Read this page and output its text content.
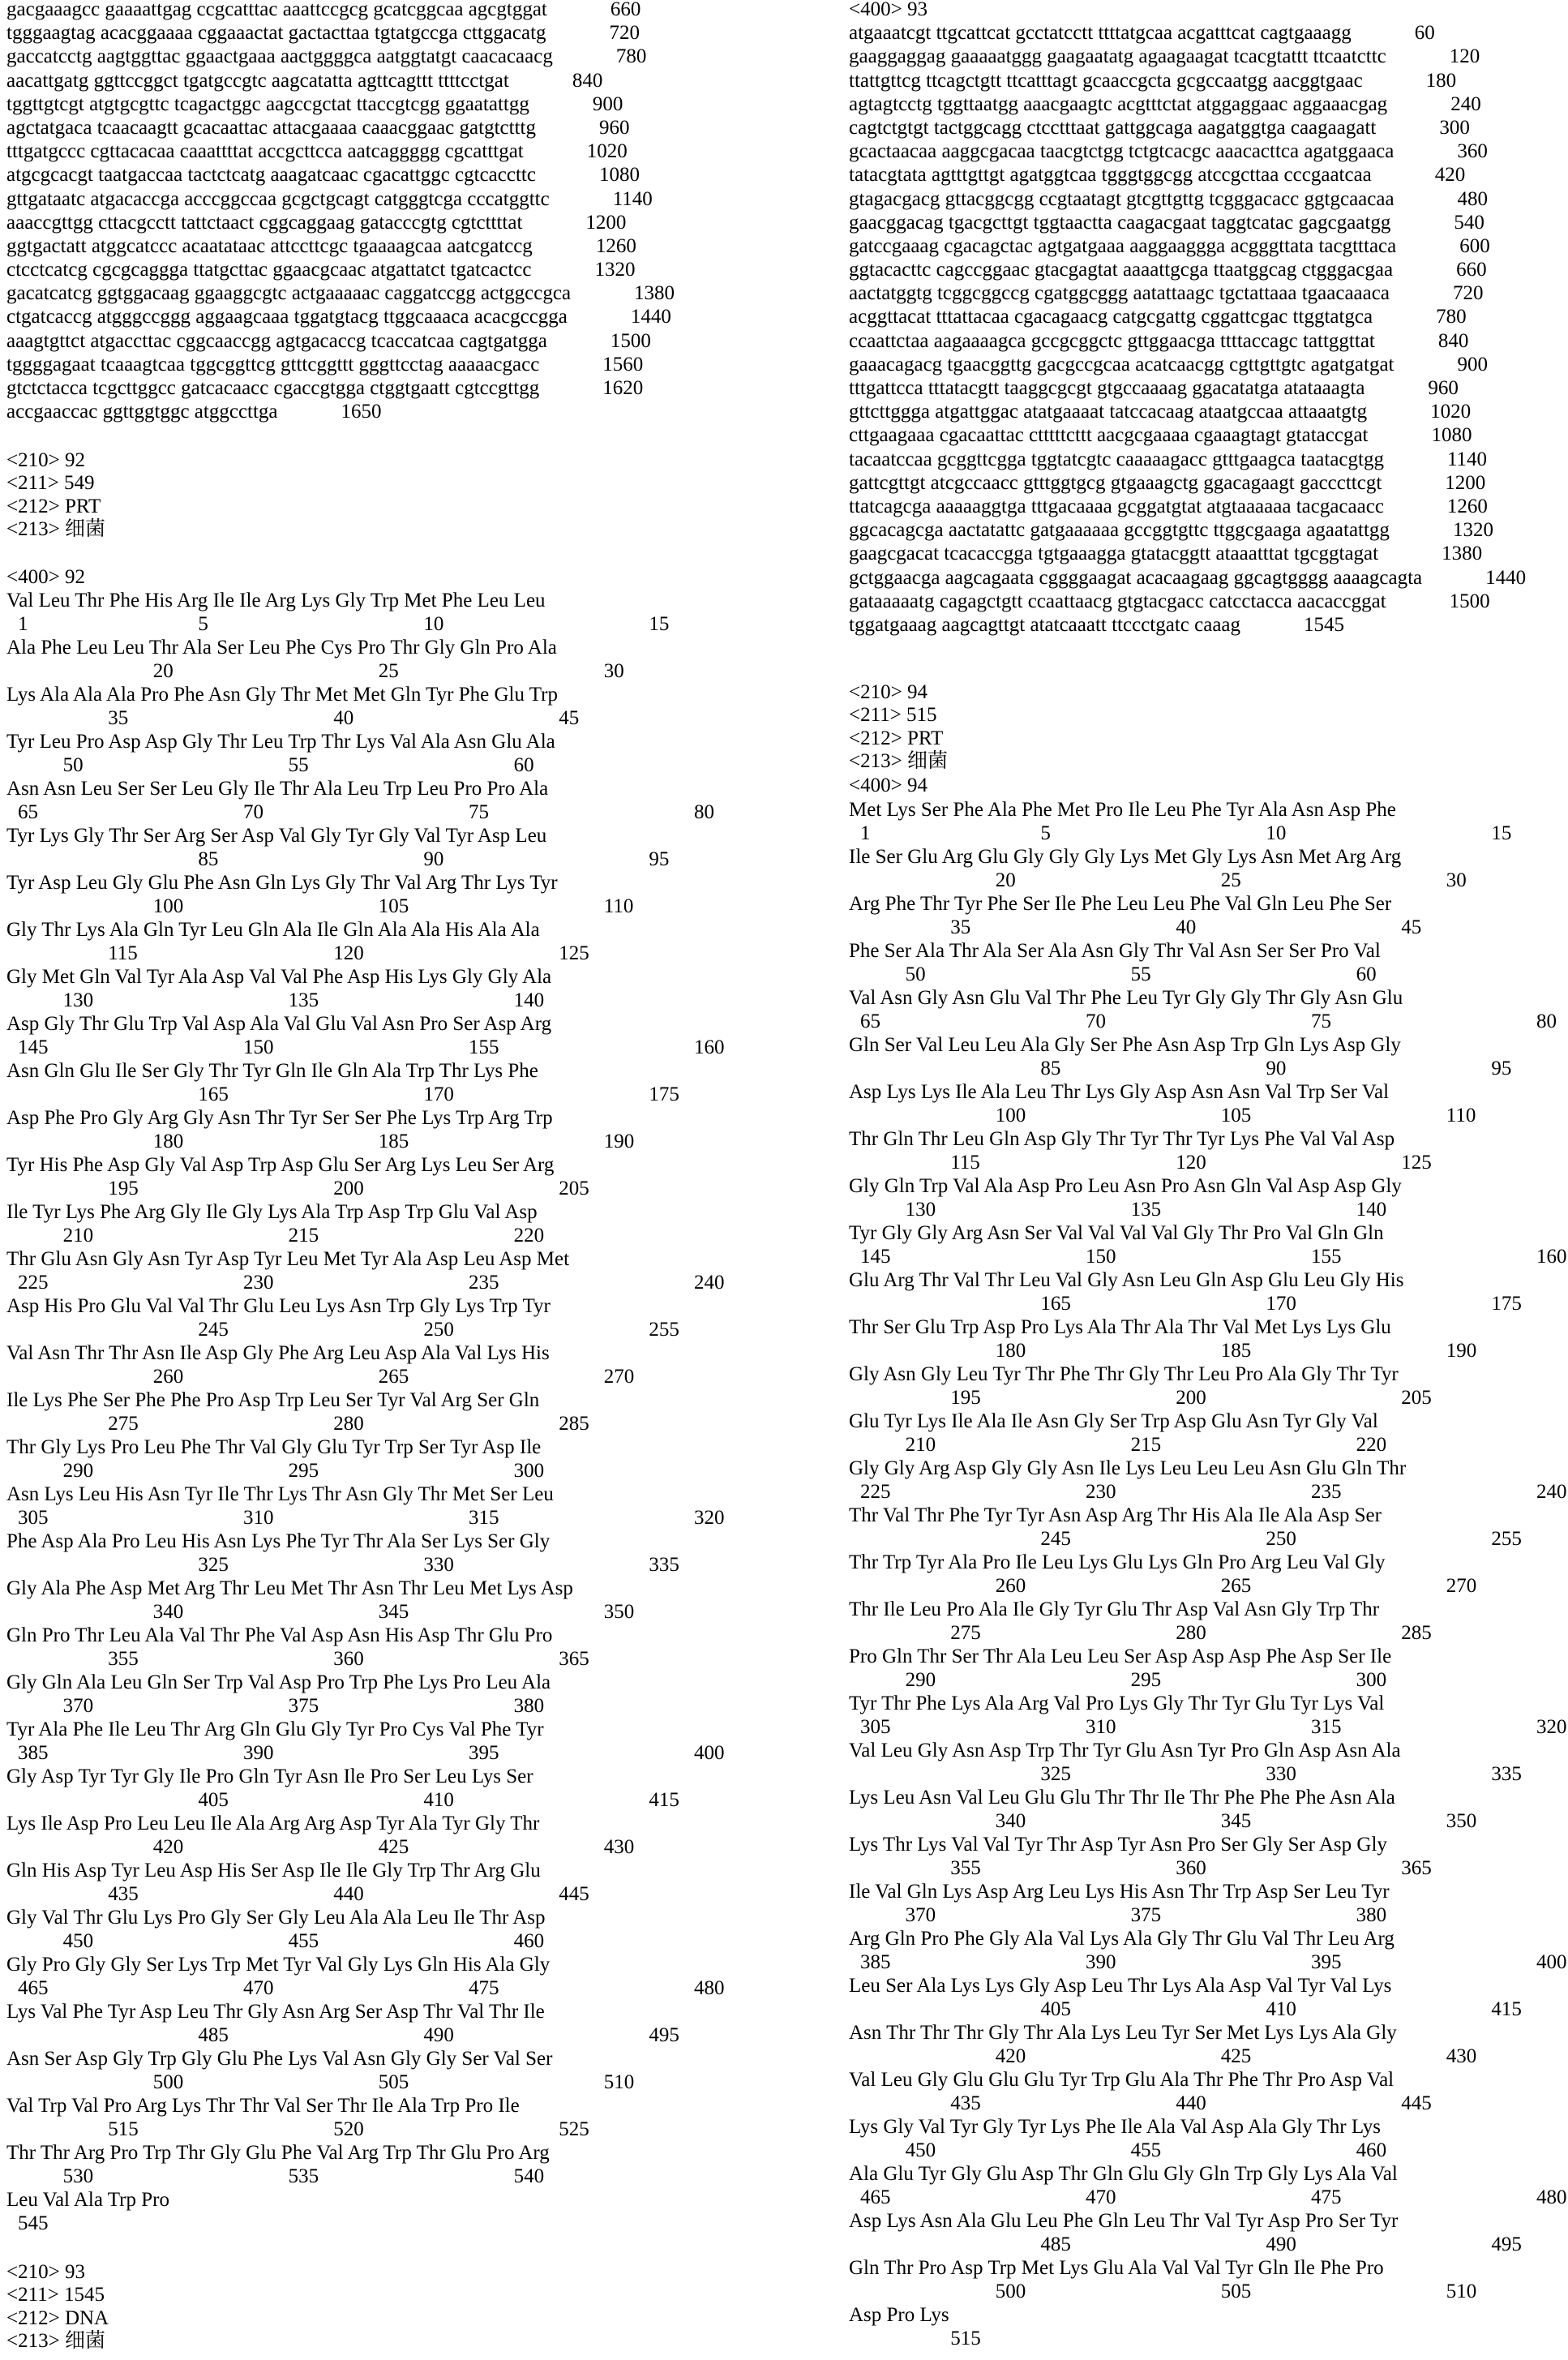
gacgaaagcc gaaaattgag ccgcatttac aaattccgcg gcatcggcaa agcgtggat	660
tgggaagtag acacggaaaa cggaaactat gactacttaa tgtatgccga cttggacatg	720
gaccatcctg aagtggttac ggaactgaaa aactggggca aatggtatgt caacacaacg	780
aacattgatg ggttccggct tgatgccgtc aagcatatta agttcagttt ttttcctgat	840
tggttgtcgt atgtgcgttc tcagactggc aagccgctat ttaccgtcgg ggaatattgg	900
agctatgaca tcaacaagtt gcacaattac attacgaaaa caaacggaac gatgtctttg	960
tttgatgccc cgttacacaa caaattttat accgcttcca aatcaggggg cgcatttgat	1020
atgcgcacgt taatgaccaa tactctcatg aaagatcaac cgacattggc cgtcaccttc	1080
gttgataatc atgacaccga acccggccaa gcgctgcagt catgggtcga cccatggttc	1140
aaaccgttgg cttacgcctt tattctaact cggcaggaag gatacccgtg cgtcttttat	1200
ggtgactatt atggcatccc acaatataac attccttcgc tgaaaagcaa aatcgatccg	1260
ctcctcatcg cgcgcaggga ttatgcttac ggaacgcaac atgattatct tgatcactcc	1320
gacatcatcg ggtggacaag ggaaggcgtc actgaaaaac caggatccgg actggccgca	1380
ctgatcaccg atgggccggg aggaagcaaa tggatgtacg ttggcaaaca acacgccgga	1440
aaagtgttct atgaccttac cggcaaccgg agtgacaccg tcaccatcaa cagtgatgga	1500
tggggagaat tcaaagtcaa tggcggttcg gtttcggttt gggttcctag aaaaacgacc	1560
gtctctacca tcgcttggcc gatcacaacc cgaccgtgga ctggtgaatt cgtccgttgg	1620
accgaaccac ggttggtggc atggccttga	1650
<210> 92
<211> 549
<212> PRT
<213> 细菌
<400> 92
Val Leu Thr Phe His Arg Ile Ile Arg Lys Gly Trp Met Phe Leu Leu
1	5	10	15
Ala Phe Leu Leu Thr Ala Ser Leu Phe Cys Pro Thr Gly Gln Pro Ala
20	25	30
Lys Ala Ala Ala Pro Phe Asn Gly Thr Met Met Gln Tyr Phe Glu Trp
35	40	45
Tyr Leu Pro Asp Asp Gly Thr Leu Trp Thr Lys Val Ala Asn Glu Ala
50	55	60
Asn Asn Leu Ser Ser Leu Gly Ile Thr Ala Leu Trp Leu Pro Pro Ala
65	70	75	80
Tyr Lys Gly Thr Ser Arg Ser Asp Val Gly Tyr Gly Val Tyr Asp Leu
85	90	95
Tyr Asp Leu Gly Glu Phe Asn Gln Lys Gly Thr Val Arg Thr Lys Tyr
100	105	110
Gly Thr Lys Ala Gln Tyr Leu Gln Ala Ile Gln Ala Ala His Ala Ala
115	120	125
Gly Met Gln Val Tyr Ala Asp Val Val Phe Asp His Lys Gly Gly Ala
130	135	140
Asp Gly Thr Glu Trp Val Asp Ala Val Glu Val Asn Pro Ser Asp Arg
145	150	155	160
Asn Gln Glu Ile Ser Gly Thr Tyr Gln Ile Gln Ala Trp Thr Lys Phe
165	170	175
Asp Phe Pro Gly Arg Gly Asn Thr Tyr Ser Ser Phe Lys Trp Arg Trp
180	185	190
Tyr His Phe Asp Gly Val Asp Trp Asp Glu Ser Arg Lys Leu Ser Arg
195	200	205
Ile Tyr Lys Phe Arg Gly Ile Gly Lys Ala Trp Asp Trp Glu Val Asp
210	215	220
Thr Glu Asn Gly Asn Tyr Asp Tyr Leu Met Tyr Ala Asp Leu Asp Met
225	230	235	240
Asp His Pro Glu Val Val Thr Glu Leu Lys Asn Trp Gly Lys Trp Tyr
245	250	255
Val Asn Thr Thr Asn Ile Asp Gly Phe Arg Leu Asp Ala Val Lys His
260	265	270
Ile Lys Phe Ser Phe Phe Pro Asp Trp Leu Ser Tyr Val Arg Ser Gln
275	280	285
Thr Gly Lys Pro Leu Phe Thr Val Gly Glu Tyr Trp Ser Tyr Asp Ile
290	295	300
Asn Lys Leu His Asn Tyr Ile Thr Lys Thr Asn Gly Thr Met Ser Leu
305	310	315	320
Phe Asp Ala Pro Leu His Asn Lys Phe Tyr Thr Ala Ser Lys Ser Gly
325	330	335
Gly Ala Phe Asp Met Arg Thr Leu Met Thr Asn Thr Leu Met Lys Asp
340	345	350
Gln Pro Thr Leu Ala Val Thr Phe Val Asp Asn His Asp Thr Glu Pro
355	360	365
Gly Gln Ala Leu Gln Ser Trp Val Asp Pro Trp Phe Lys Pro Leu Ala
370	375	380
Tyr Ala Phe Ile Leu Thr Arg Gln Glu Gly Tyr Pro Cys Val Phe Tyr
385	390	395	400
Gly Asp Tyr Tyr Gly Ile Pro Gln Tyr Asn Ile Pro Ser Leu Lys Ser
405	410	415
Lys Ile Asp Pro Leu Leu Ile Ala Arg Arg Asp Tyr Ala Tyr Gly Thr
420	425	430
Gln His Asp Tyr Leu Asp His Ser Asp Ile Ile Gly Trp Thr Arg Glu
435	440	445
Gly Val Thr Glu Lys Pro Gly Ser Gly Leu Ala Ala Leu Ile Thr Asp
450	455	460
Gly Pro Gly Gly Ser Lys Trp Met Tyr Val Gly Lys Gln His Ala Gly
465	470	475	480
Lys Val Phe Tyr Asp Leu Thr Gly Asn Arg Ser Asp Thr Val Thr Ile
485	490	495
Asn Ser Asp Gly Trp Gly Glu Phe Lys Val Asn Gly Gly Ser Val Ser
500	505	510
Val Trp Val Pro Arg Lys Thr Thr Val Ser Thr Ile Ala Trp Pro Ile
515	520	525
Thr Thr Arg Pro Trp Thr Gly Glu Phe Val Arg Trp Thr Glu Pro Arg
530	535	540
Leu Val Ala Trp Pro
545
<210> 93
<211> 1545
<212> DNA
<213> 细菌
<400> 93
atgaaatcgt ttgcattcat gcctatcctt ttttatgcaa acgatttcat cagtgaaagg	60
gaaggaggag gaaaaatggg gaagaatatg agaagaagat tcacgtattt ttcaatcttc	120
ttattgttcg ttcagctgtt ttcatttagt gcaaccgcta gcgccaatgg aacggtgaac	180
agtagtcctg tggttaatgg aaacgaagtc acgtttctat atggaggaac aggaaacgag	240
cagtctgtgt tactggcagg ctcctttaat gattggcaga aagatggtga caagaagatt	300
gcactaacaa aaggcgacaa taacgtctgg tctgtcacgc aaacacttca agatggaaca	360
tatacgtata agtttgttgt agatggtcaa tgggtggcgg atccgcttaa cccgaatcaa	420
gtagacgacg gttacggcgg ccgtaatagt gtcgttgttg tcgggacacc ggtgcaacaa	480
gaacggacag tgacgcttgt tggtaactta caagacgaat taggtcatac gagcgaatgg	540
gatccgaaag cgacagctac agtgatgaaa aaggaaggga acgggttata tacgtttaca	600
ggtacacttc cagccggaac gtacgagtat aaaattgcga ttaatggcag ctgggacgaa	660
aactatggtg tcggcggccg cgatggcggg aatattaagc tgctattaaa tgaacaaaca	720
acggttacat tttattacaa cgacagaacg catgcgattg cggattcgac ttggtatgca	780
ccaattctaa aagaaaagca gccgcggctc gttggaacga ttttaccagc tattggttat	840
gaaacagacg tgaacggttg gacgccgcaa acatcaacgg cgttgttgtc agatgatgat	900
tttgattcca tttatacgtt taaggcgcgt gtgccaaaag ggacatatga atataaagta	960
gttcttggga atgattggac atatgaaaat tatccacaag ataatgccaa attaaatgtg	1020
cttgaagaaa cgacaattac ctttttcttt aacgcgaaaa cgaaagtagt gtataccgat	1080
tacaatccaa gcggttcgga tggtatcgtc caaaaagacc gtttgaagca taatacgtgg	1140
gattcgttgt atcgccaacc gtttggtgcg gtgaaagctg ggacagaagt gacccttcgt	1200
ttatcagcga aaaaaggtga tttgacaaaa gcggatgtat atgtaaaaaa tacgacaacc	1260
ggcacagcga aactatattc gatgaaaaaa gccggtgttc ttggcgaaga agaatattgg	1320
gaagcgacat tcacaccgga tgtgaaagga gtatacggtt ataaatttat tgcggtagat	1380
gctggaacga aagcagaata cggggaagat acacaagaag ggcagtgggg aaaagcagta	1440
gataaaaatg cagagctgtt ccaattaacg gtgtacgacc catcctacca aacaccggat	1500
tggatgaaag aagcagttgt atatcaaatt ttccctgatc caaag	1545
<210> 94
<211> 515
<212> PRT
<213> 细菌
<400> 94
Met Lys Ser Phe Ala Phe Met Pro Ile Leu Phe Tyr Ala Asn Asp Phe
1	5	10	15
Ile Ser Glu Arg Glu Gly Gly Gly Lys Met Gly Lys Asn Met Arg Arg
20	25	30
Arg Phe Thr Tyr Phe Ser Ile Phe Leu Leu Phe Val Gln Leu Phe Ser
35	40	45
Phe Ser Ala Thr Ala Ser Ala Asn Gly Thr Val Asn Ser Ser Pro Val
50	55	60
Val Asn Gly Asn Glu Val Thr Phe Leu Tyr Gly Gly Thr Gly Asn Glu
65	70	75	80
Gln Ser Val Leu Leu Ala Gly Ser Phe Asn Asp Trp Gln Lys Asp Gly
85	90	95
Asp Lys Lys Ile Ala Leu Thr Lys Gly Asp Asn Asn Val Trp Ser Val
100	105	110
Thr Gln Thr Leu Gln Asp Gly Thr Tyr Thr Tyr Lys Phe Val Val Asp
115	120	125
Gly Gln Trp Val Ala Asp Pro Leu Asn Pro Asn Gln Val Asp Asp Gly
130	135	140
Tyr Gly Gly Arg Asn Ser Val Val Val Val Gly Thr Pro Val Gln Gln
145	150	155	160
Glu Arg Thr Val Thr Leu Val Gly Asn Leu Gln Asp Glu Leu Gly His
165	170	175
Thr Ser Glu Trp Asp Pro Lys Ala Thr Ala Thr Val Met Lys Lys Glu
180	185	190
Gly Asn Gly Leu Tyr Thr Phe Thr Gly Thr Leu Pro Ala Gly Thr Tyr
195	200	205
Glu Tyr Lys Ile Ala Ile Asn Gly Ser Trp Asp Glu Asn Tyr Gly Val
210	215	220
Gly Gly Arg Asp Gly Gly Asn Ile Lys Leu Leu Leu Asn Glu Gln Thr
225	230	235	240
Thr Val Thr Phe Tyr Tyr Asn Asp Arg Thr His Ala Ile Ala Asp Ser
245	250	255
Thr Trp Tyr Ala Pro Ile Leu Lys Glu Lys Gln Pro Arg Leu Val Gly
260	265	270
Thr Ile Leu Pro Ala Ile Gly Tyr Glu Thr Asp Val Asn Gly Trp Thr
275	280	285
Pro Gln Thr Ser Thr Ala Leu Leu Ser Asp Asp Asp Phe Asp Ser Ile
290	295	300
Tyr Thr Phe Lys Ala Arg Val Pro Lys Gly Thr Tyr Glu Tyr Lys Val
305	310	315	320
Val Leu Gly Asn Asp Trp Thr Tyr Glu Asn Tyr Pro Gln Asp Asn Ala
325	330	335
Lys Leu Asn Val Leu Glu Glu Thr Thr Ile Thr Phe Phe Phe Asn Ala
340	345	350
Lys Thr Lys Val Val Tyr Thr Asp Tyr Asn Pro Ser Gly Ser Asp Gly
355	360	365
Ile Val Gln Lys Asp Arg Leu Lys His Asn Thr Trp Asp Ser Leu Tyr
370	375	380
Arg Gln Pro Phe Gly Ala Val Lys Ala Gly Thr Glu Val Thr Leu Arg
385	390	395	400
Leu Ser Ala Lys Lys Gly Asp Leu Thr Lys Ala Asp Val Tyr Val Lys
405	410	415
Asn Thr Thr Thr Gly Thr Ala Lys Leu Tyr Ser Met Lys Lys Ala Gly
420	425	430
Val Leu Gly Glu Glu Glu Tyr Trp Glu Ala Thr Phe Thr Pro Asp Val
435	440	445
Lys Gly Val Tyr Gly Tyr Lys Phe Ile Ala Val Asp Ala Gly Thr Lys
450	455	460
Ala Glu Tyr Gly Glu Asp Thr Gln Glu Gly Gln Trp Gly Lys Ala Val
465	470	475	480
Asp Lys Asn Ala Glu Leu Phe Gln Leu Thr Val Tyr Asp Pro Ser Tyr
485	490	495
Gln Thr Pro Asp Trp Met Lys Glu Ala Val Val Tyr Gln Ile Phe Pro
500	505	510
Asp Pro Lys
515
